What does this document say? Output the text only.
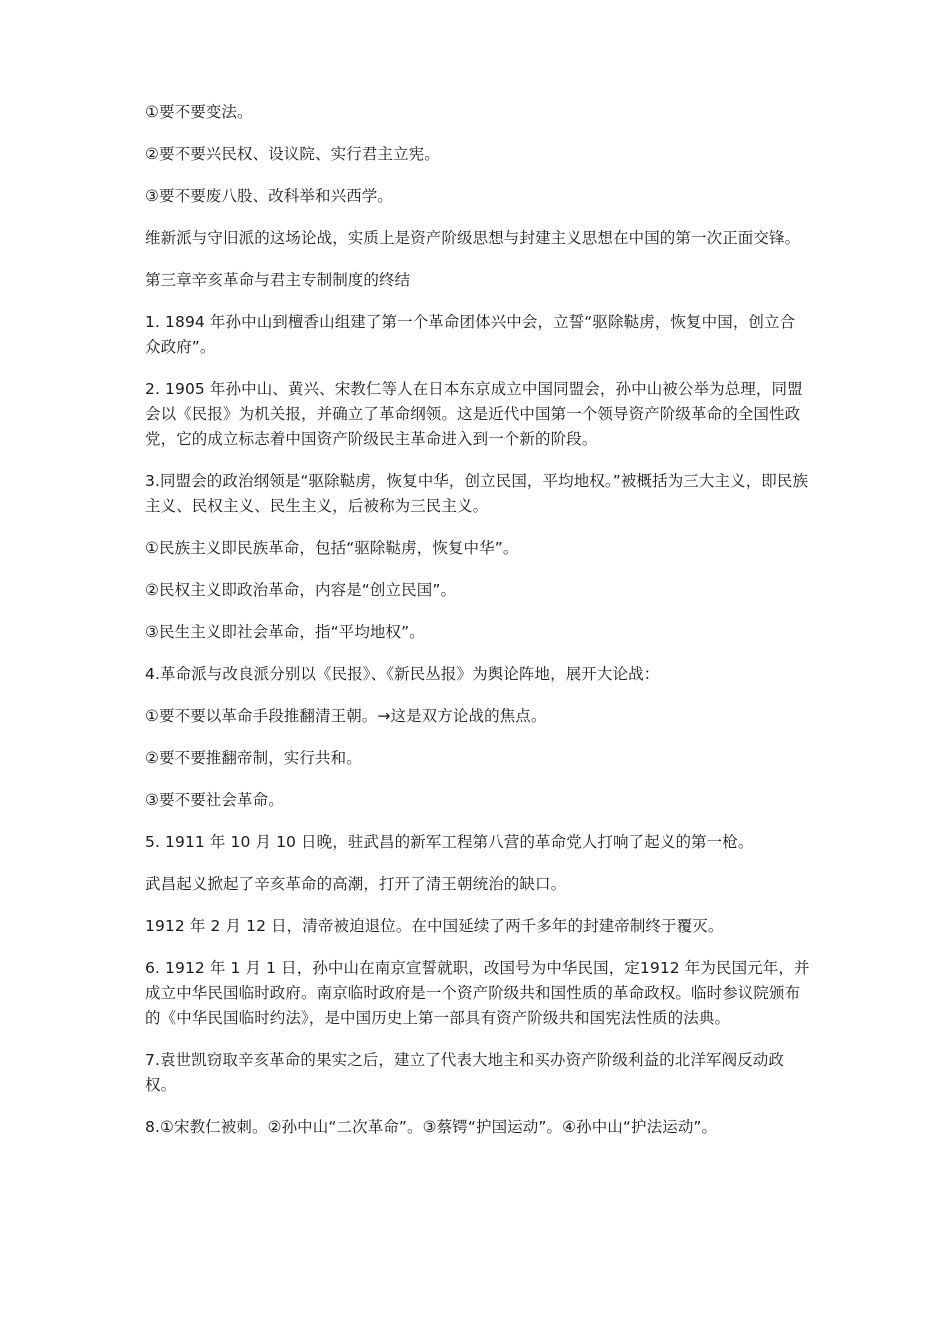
①要不要变法。

②要不要兴民权、设议院、实行君主立宪。

③要不要废八股、改科举和兴西学。

维新派与守旧派的这场论战，实质上是资产阶级思想与封建主义思想在中国的第一次正面交锋。

第三章辛亥革命与君主专制制度的终结

1. 1894 年孙中山到檀香山组建了第一个革命团体兴中会，立誓“驱除鞑虏，恢复中国，创立合众政府”。

2. 1905 年孙中山、黄兴、宋教仁等人在日本东京成立中国同盟会，孙中山被公举为总理，同盟会以《民报》为机关报，并确立了革命纲领。这是近代中国第一个领导资产阶级革命的全国性政党，它的成立标志着中国资产阶级民主革命进入到一个新的阶段。

3.同盟会的政治纲领是“驱除鞑虏，恢复中华，创立民国，平均地权。”被概括为三大主义，即民族主义、民权主义、民生主义，后被称为三民主义。

①民族主义即民族革命，包括“驱除鞑虏，恢复中华”。

②民权主义即政治革命，内容是“创立民国”。

③民生主义即社会革命，指“平均地权”。

4.革命派与改良派分别以《民报》、《新民丛报》为舆论阵地，展开大论战：

①要不要以革命手段推翻清王朝。→这是双方论战的焦点。

②要不要推翻帝制，实行共和。

③要不要社会革命。

5. 1911 年 10 月 10 日晚，驻武昌的新军工程第八营的革命党人打响了起义的第一枪。

武昌起义掀起了辛亥革命的高潮，打开了清王朝统治的缺口。

1912 年 2 月 12 日，清帝被迫退位。在中国延续了两千多年的封建帝制终于覆灭。

6. 1912 年 1 月 1 日，孙中山在南京宣誓就职，改国号为中华民国，定1912 年为民国元年，并成立中华民国临时政府。南京临时政府是一个资产阶级共和国性质的革命政权。临时参议院颁布的《中华民国临时约法》，是中国历史上第一部具有资产阶级共和国宪法性质的法典。

7.袁世凯窃取辛亥革命的果实之后，建立了代表大地主和买办资产阶级利益的北洋军阀反动政权。

8.①宋教仁被刺。②孙中山“二次革命”。③蔡锷“护国运动”。④孙中山“护法运动”。
